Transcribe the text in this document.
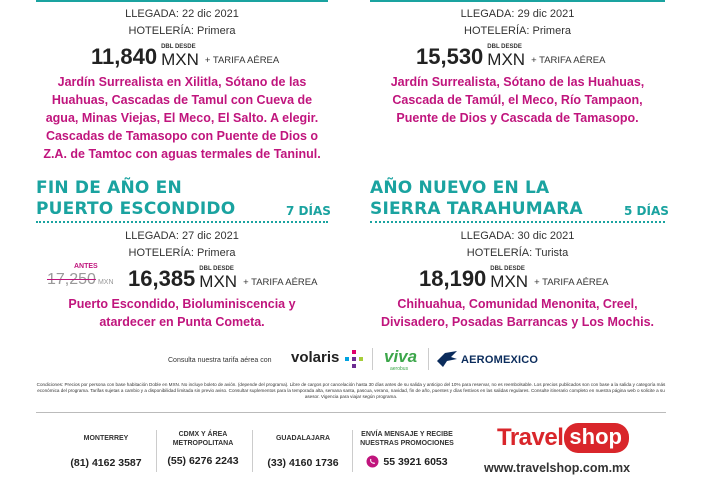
LLEGADA: 22 dic 2021
HOTELERÍA: Primera
11,840 DBL DESDE
MXN + TARIFA AÉREA
Jardín Surrealista en Xilitla, Sótano de las
Huahuas, Cascadas de Tamul con Cueva de
agua, Minas Viejas, El Meco, El Salto. A elegir.
Cascadas de Tamasopo con Puente de Dios o
Z.A. de Tamtoc con aguas termales de Taninul.
LLEGADA: 29 dic 2021
HOTELERÍA: Primera
15,530 DBL DESDE
MXN + TARIFA AÉREA
Jardín Surrealista, Sótano de las Huahuas,
Cascada de Tamúl, el Meco, Río Tampaon,
Puente de Dios y Cascada de Tamasopo.
FIN DE AÑO EN
PUERTO ESCONDIDO	7 DÍAS
LLEGADA: 27 dic 2021
HOTELERÍA: Primera
ANTES
17,250 MXN 16,385 DBL DESDE
MXN + TARIFA AÉREA
Puerto Escondido, Bioluminiscencia y
atardecer en Punta Cometa.
AÑO NUEVO EN LA
SIERRA TARAHUMARA	5 DÍAS
LLEGADA: 30 dic 2021
HOTELERÍA: Turista
18,190 DBL DESDE
MXN + TARIFA AÉREA
Chihuahua, Comunidad Menonita, Creel,
Divisadero, Posadas Barrancas y Los Mochis.
Consulta nuestra tarifa aérea con volaris	viva
aerobus
AEROMEXICO
Condiciones: Precios por persona con base habitación Doble en MXN. No incluye boleto de avión. (depende del programa). Libre de cargos por cancelación hasta 30 días antes de su salida y anticipo del 10% para reservar, no es reembolsable. Los precios publicados son con base a la salida y categoría más económica del programa. Tarifas sujetas a cambio y a disponibilidad limitada sin previo aviso. Consultar suplementos para la temporada alta, semana santa, pascua, verano, navidad, fin de año, puentes y días festivos en las salidas regulares. Consulte itinerario completo en nuestra página web o solicite a su asesor. Vigencia para viajar según programa.
MONTERREY
(81) 4162 3587
CDMX Y ÁREA METROPOLITANA
(55) 6276 2243
GUADALAJARA
(33) 4160 1736
ENVÍA MENSAJE Y RECIBE NUESTRAS PROMOCIONES
55 3921 6053
Travel shop
www.travelshop.com.mx
